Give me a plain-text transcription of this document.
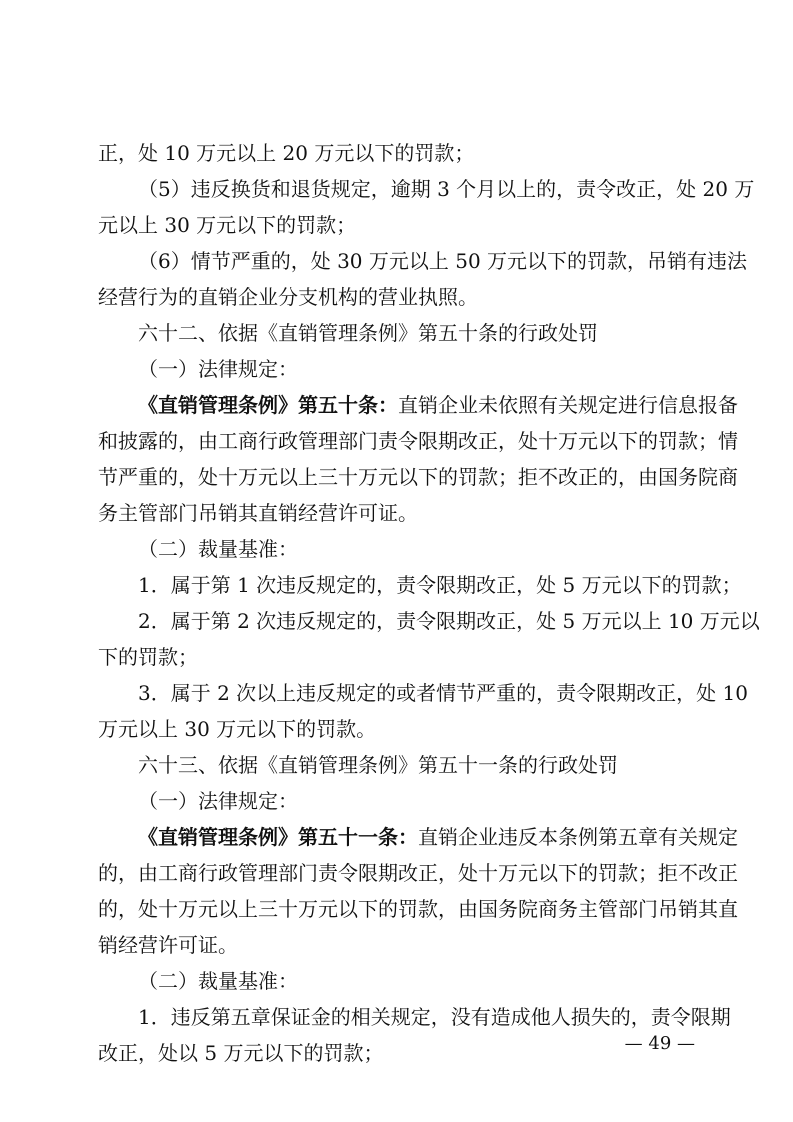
正，处 10 万元以上 20 万元以下的罚款；
（5）违反换货和退货规定，逾期 3 个月以上的，责令改正，处 20 万
元以上 30 万元以下的罚款；
（6）情节严重的，处 30 万元以上 50 万元以下的罚款，吊销有违法
经营行为的直销企业分支机构的营业执照。
六十二、依据《直销管理条例》第五十条的行政处罚
（一）法律规定：
《直销管理条例》第五十条：直销企业未依照有关规定进行信息报备
和披露的，由工商行政管理部门责令限期改正，处十万元以下的罚款；情
节严重的，处十万元以上三十万元以下的罚款；拒不改正的，由国务院商
务主管部门吊销其直销经营许可证。
（二）裁量基准：
1．属于第 1 次违反规定的，责令限期改正，处 5 万元以下的罚款；
2．属于第 2 次违反规定的，责令限期改正，处 5 万元以上 10 万元以
下的罚款；
3．属于 2 次以上违反规定的或者情节严重的，责令限期改正，处 10
万元以上 30 万元以下的罚款。
六十三、依据《直销管理条例》第五十一条的行政处罚
（一）法律规定：
《直销管理条例》第五十一条：直销企业违反本条例第五章有关规定
的，由工商行政管理部门责令限期改正，处十万元以下的罚款；拒不改正
的，处十万元以上三十万元以下的罚款，由国务院商务主管部门吊销其直
销经营许可证。
（二）裁量基准：
1．违反第五章保证金的相关规定，没有造成他人损失的，责令限期
改正，处以 5 万元以下的罚款；	— 49 —
